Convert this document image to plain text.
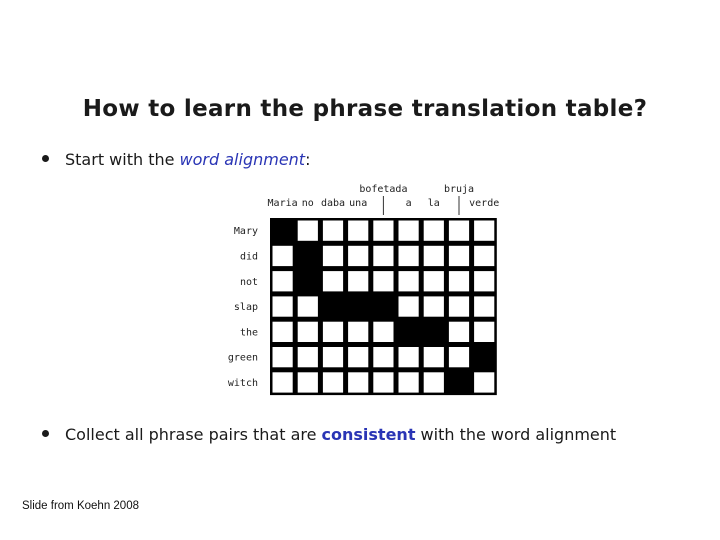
How to learn the phrase translation table?
Start with the word alignment:
Maria no daba una
bofetada
a la
bruja
verde
Mary
did
not
slap
the
green
witch
Collect all phrase pairs that are consistent with the word alignment
Slide from Koehn 2008
